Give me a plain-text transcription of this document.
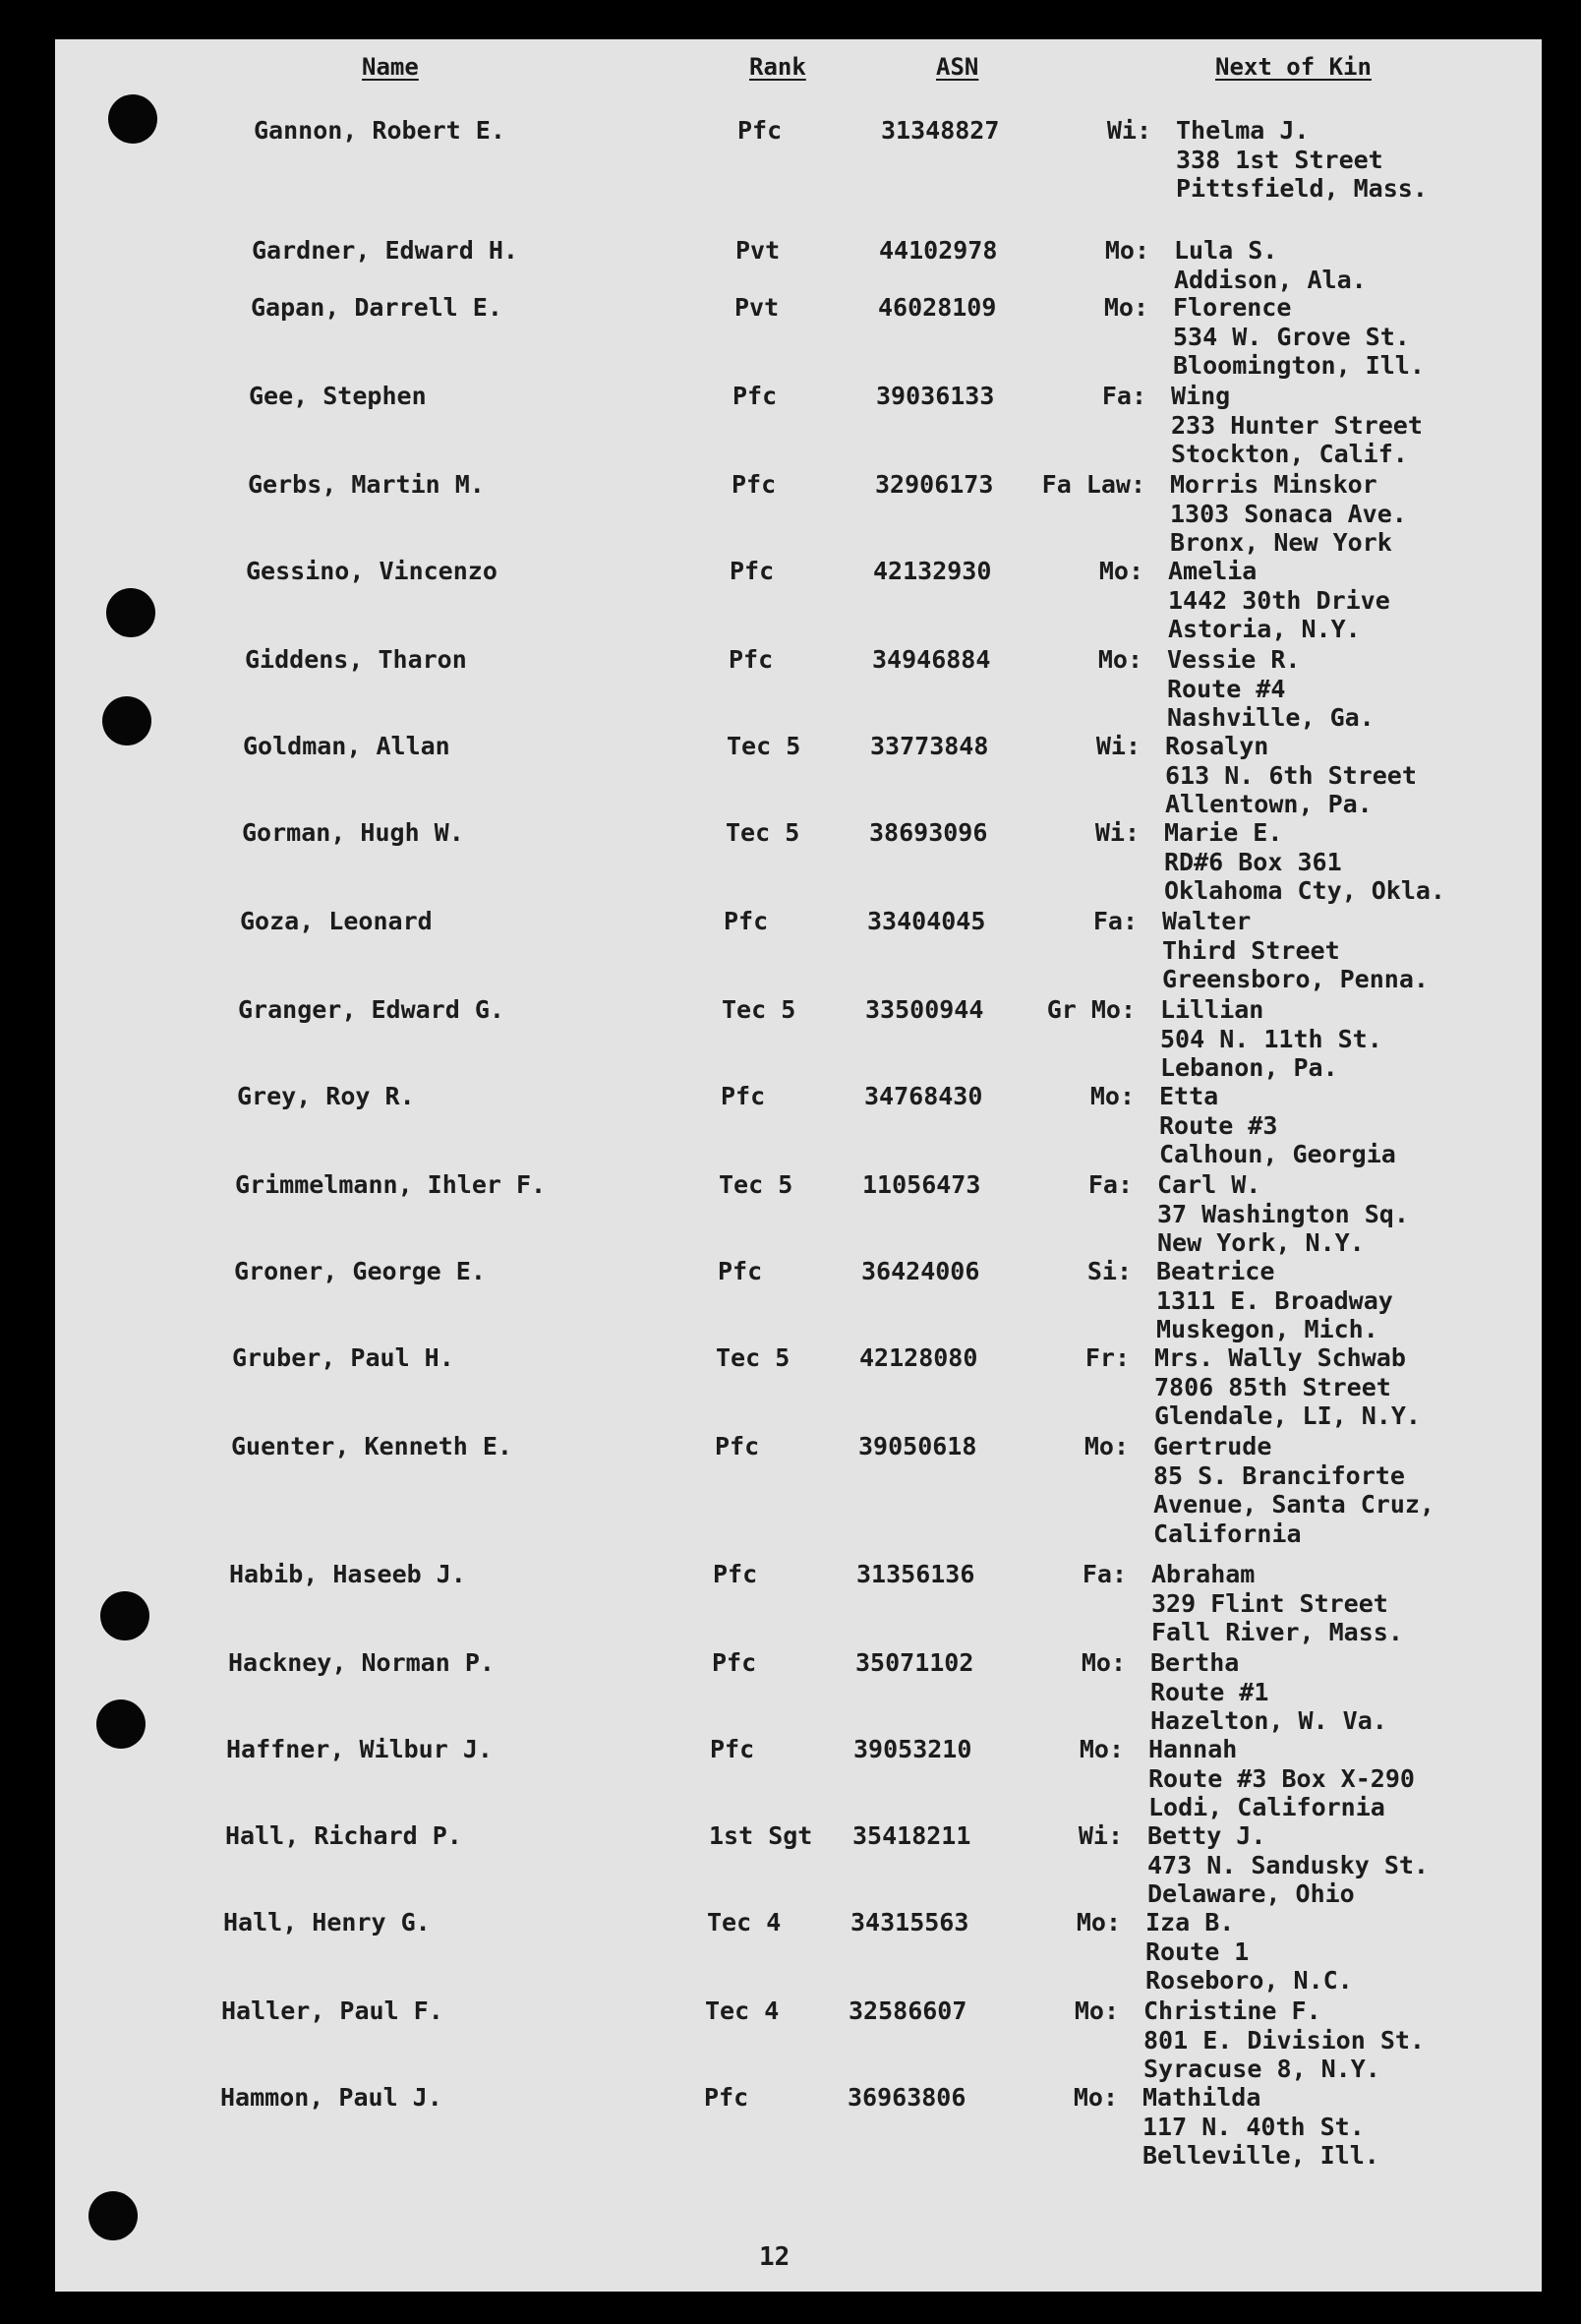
Name	Rank	ASN	Next of Kin
Gannon, Robert E.	Pfc	31348827	Wi: Thelma J.
338 1st Street
Pittsfield, Mass.
Gardner, Edward H.	Pvt	44102978	Mo: Lula S.
Addison, Ala.
Gapan, Darrell E.	Pvt	46028109	Mo: Florence
534 W. Grove St.
Bloomington, Ill.
Gee, Stephen	Pfc	39036133	Fa: Wing
233 Hunter Street
Stockton, Calif.
Gerbs, Martin M.	Pfc	32906173	Fa Law: Morris Minskor
1303 Sonaca Ave.
Bronx, New York
Gessino, Vincenzo	Pfc	42132930	Mo: Amelia
1442 30th Drive
Astoria, N.Y.
Giddens, Tharon	Pfc	34946884	Mo: Vessie R.
Route #4
Nashville, Ga.
Goldman, Allan	Tec 5	33773848	Wi: Rosalyn
613 N. 6th Street
Allentown, Pa.
Gorman, Hugh W.	Tec 5	38693096	Wi: Marie E.
RD#6 Box 361
Oklahoma Cty, Okla.
Goza, Leonard	Pfc	33404045	Fa: Walter
Third Street
Greensboro, Penna.
Granger, Edward G.	Tec 5	33500944	Gr Mo: Lillian
504 N. 11th St.
Lebanon, Pa.
Grey, Roy R.	Pfc	34768430	Mo: Etta
Route #3
Calhoun, Georgia
Grimmelmann, Ihler F.	Tec 5	11056473	Fa: Carl W.
37 Washington Sq.
New York, N.Y.
Groner, George E.	Pfc	36424006	Si: Beatrice
1311 E. Broadway
Muskegon, Mich.
Gruber, Paul H.	Tec 5	42128080	Fr: Mrs. Wally Schwab
7806 85th Street
Glendale, LI, N.Y.
Guenter, Kenneth E.	Pfc	39050618	Mo: Gertrude
85 S. Branciforte
Avenue, Santa Cruz,
California
Habib, Haseeb J.	Pfc	31356136	Fa: Abraham
329 Flint Street
Fall River, Mass.
Hackney, Norman P.	Pfc	35071102	Mo: Bertha
Route #1
Hazelton, W. Va.
Haffner, Wilbur J.	Pfc	39053210	Mo: Hannah
Route #3 Box X-290
Lodi, California
Hall, Richard P.	1st Sgt	35418211	Wi: Betty J.
473 N. Sandusky St.
Delaware, Ohio
Hall, Henry G.	Tec 4	34315563	Mo: Iza B.
Route 1
Roseboro, N.C.
Haller, Paul F.	Tec 4	32586607	Mo: Christine F.
801 E. Division St.
Syracuse 8, N.Y.
Hammon, Paul J.	Pfc	36963806	Mo: Mathilda
117 N. 40th St.
Belleville, Ill.
12
